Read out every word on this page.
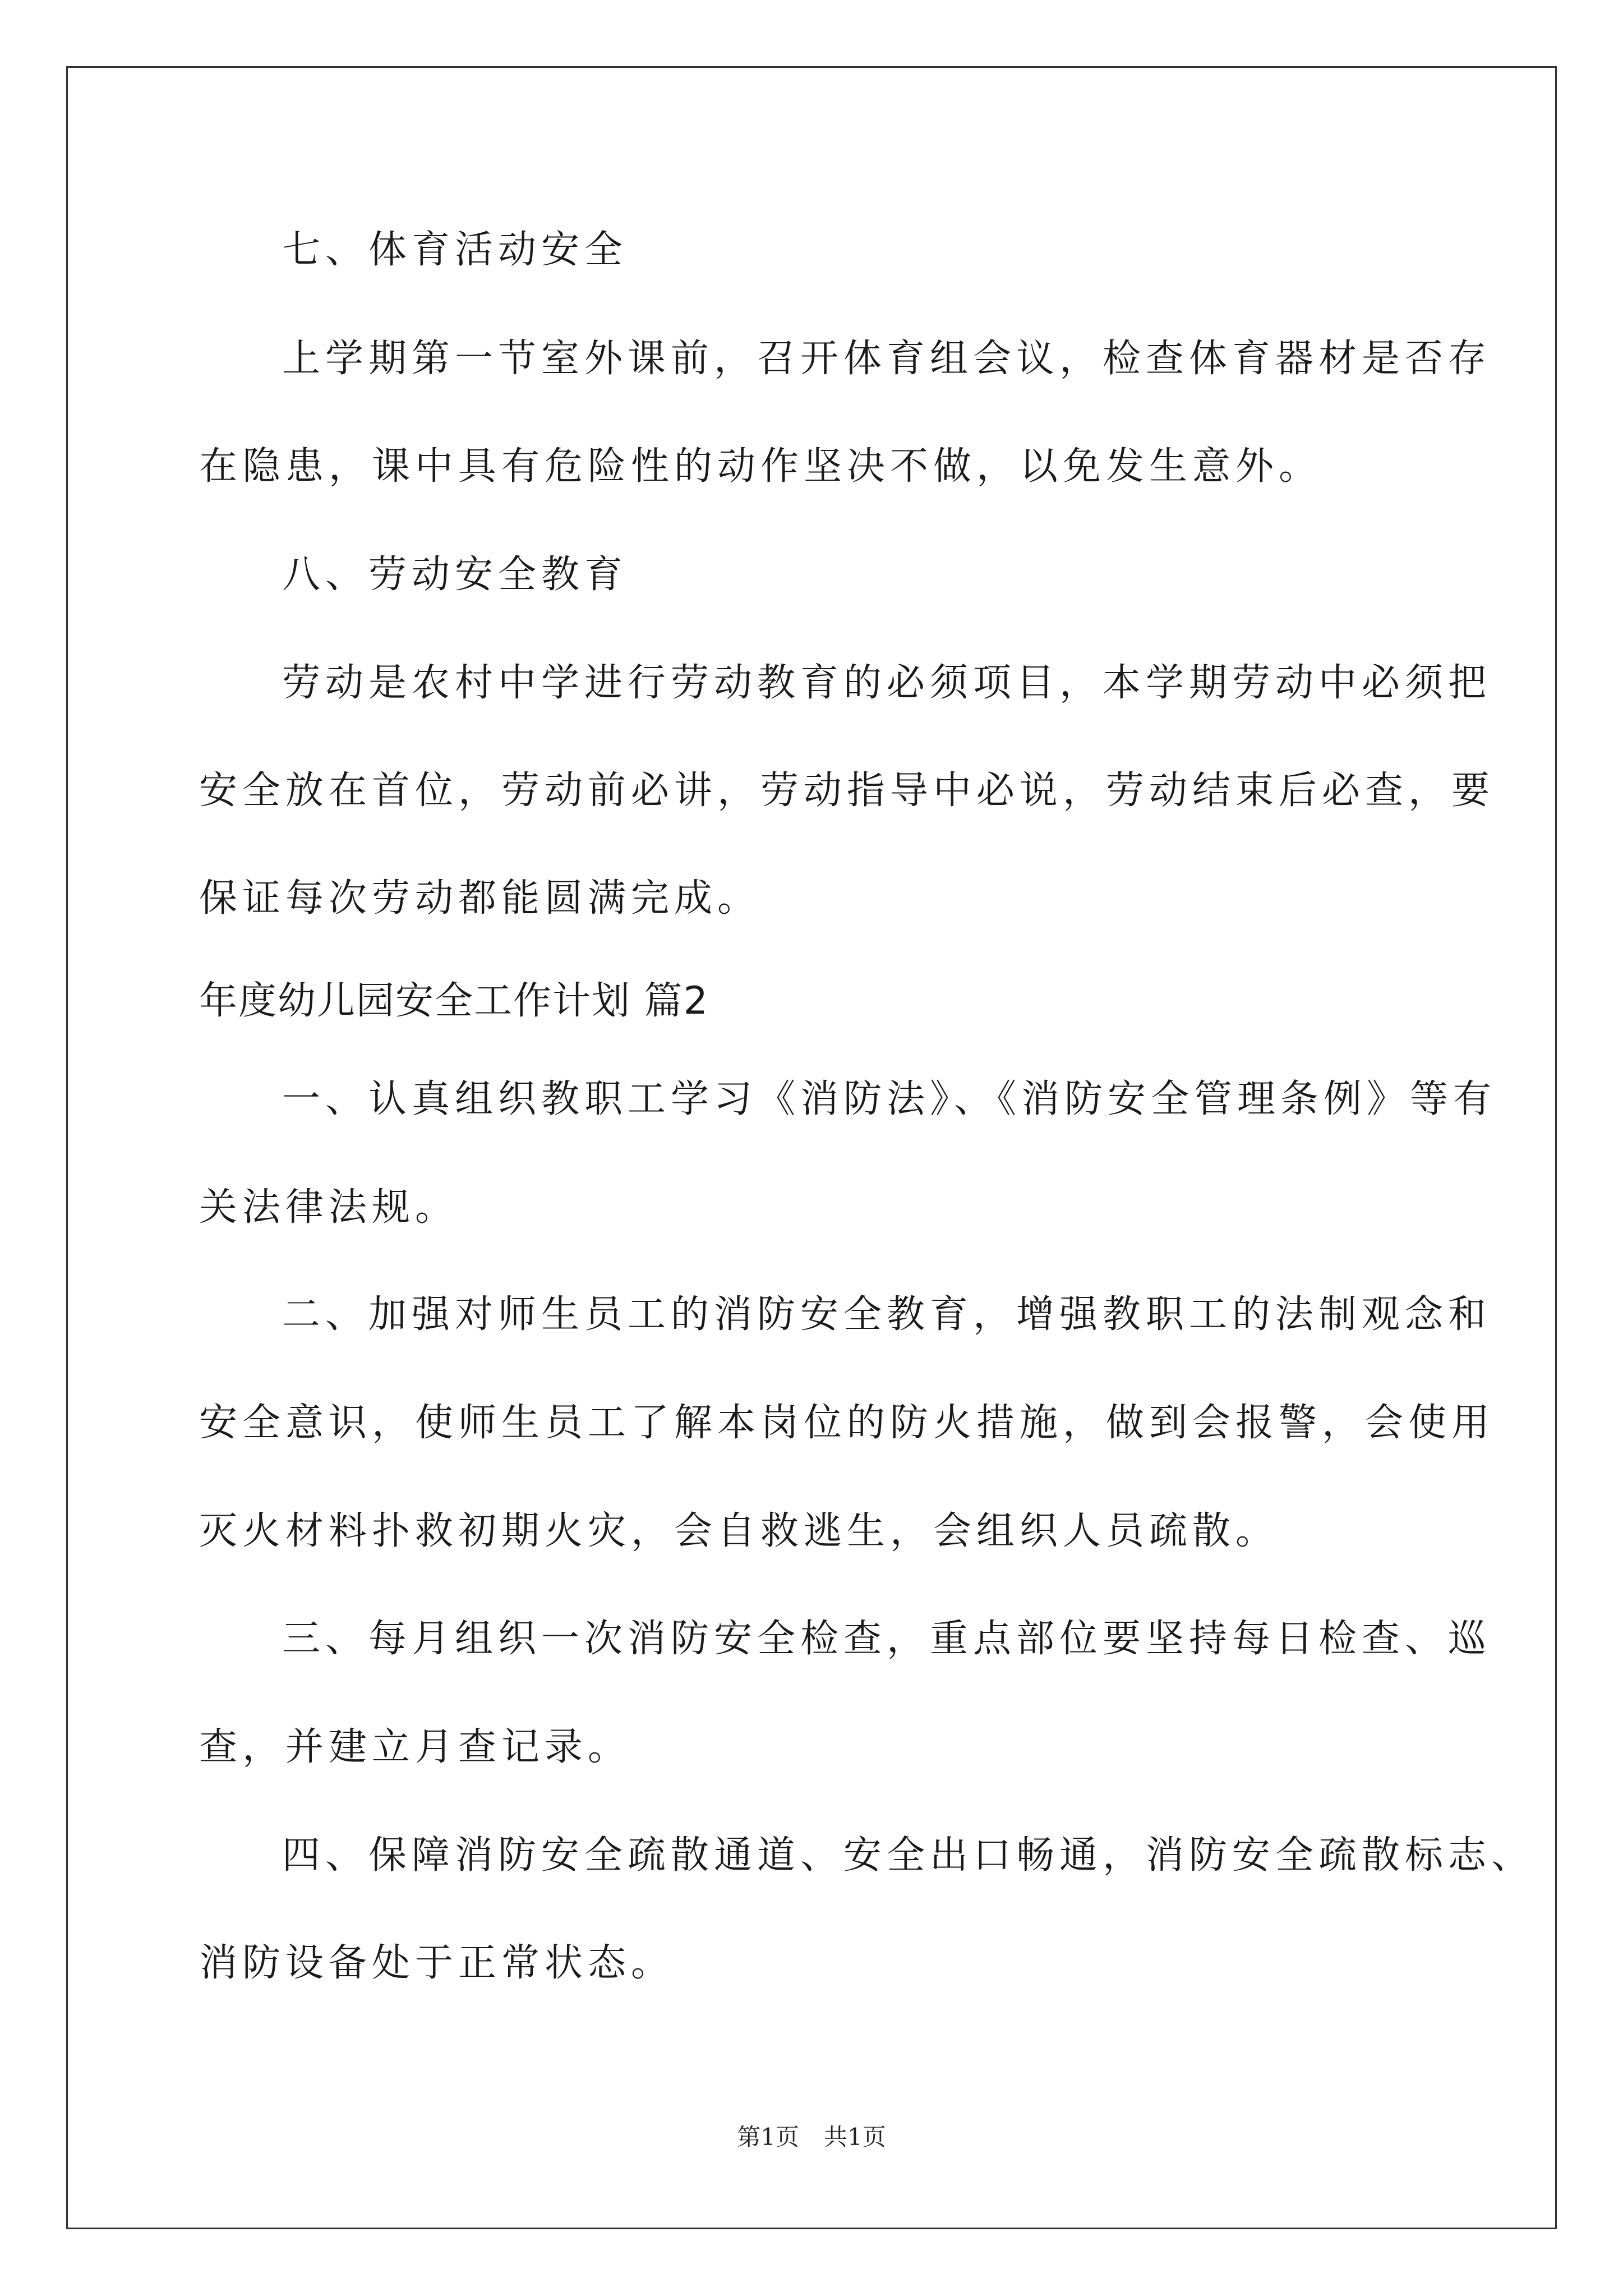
七、体育活动安全
上学期第一节室外课前，召开体育组会议，检查体育器材是否存
在隐患，课中具有危险性的动作坚决不做，以免发生意外。
八、劳动安全教育
劳动是农村中学进行劳动教育的必须项目，本学期劳动中必须把
安全放在首位，劳动前必讲，劳动指导中必说，劳动结束后必查，要
保证每次劳动都能圆满完成。
年度幼儿园安全工作计划 篇2
一、认真组织教职工学习《消防法》、《消防安全管理条例》等有
关法律法规。
二、加强对师生员工的消防安全教育，增强教职工的法制观念和
安全意识，使师生员工了解本岗位的防火措施，做到会报警，会使用
灭火材料扑救初期火灾，会自救逃生，会组织人员疏散。
三、每月组织一次消防安全检查，重点部位要坚持每日检查、巡
查，并建立月查记录。
四、保障消防安全疏散通道、安全出口畅通，消防安全疏散标志、
消防设备处于正常状态。
第1页 共1页
